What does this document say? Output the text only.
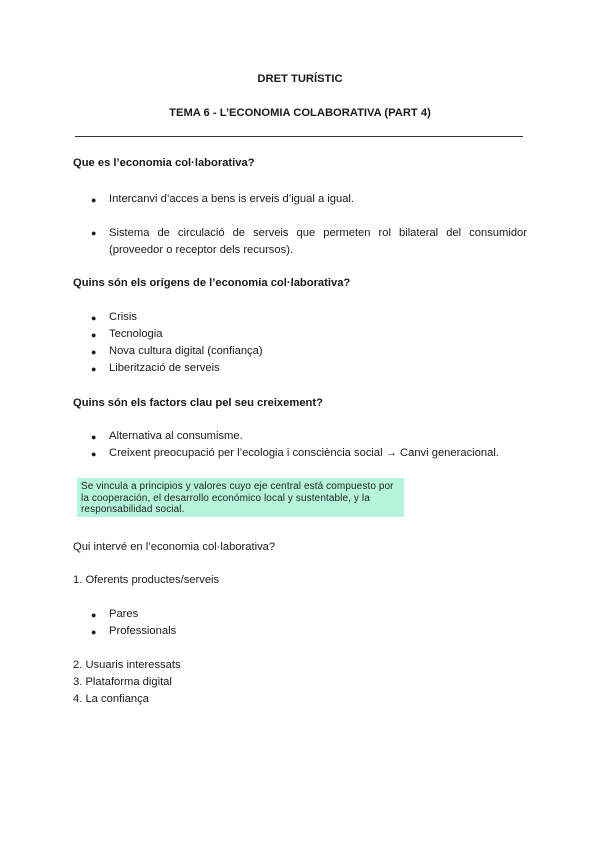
DRET TURÍSTIC
TEMA 6 - L’ECONOMIA COLABORATIVA (PART 4)
Que es l’economia col·laborativa?
● Intercanvi d’acces a bens is erveis d’igual a igual.
● Sistema de circulació de serveis que permeten rol bilateral del consumidor (proveedor o receptor dels recursos).
Quins són els orígens de l’economia col·laborativa?
● Crisis
● Tecnologia
● Nova cultura digital (confiança)
● Liberització de serveis
Quins són els factors clau pel seu creixement?
● Alternativa al consumisme.
● Creixent preocupació per l’ecologia i consciència social → Canvi generacional.
Se vincula a principios y valores cuyo eje central está compuesto por la cooperación, el desarrollo económico local y sustentable, y la responsabilidad social.
Qui intervé en l’economia col·laborativa?
1. Oferents productes/serveis
● Pares
● Professionals
2. Usuaris interessats
3. Plataforma digital
4. La confiança
